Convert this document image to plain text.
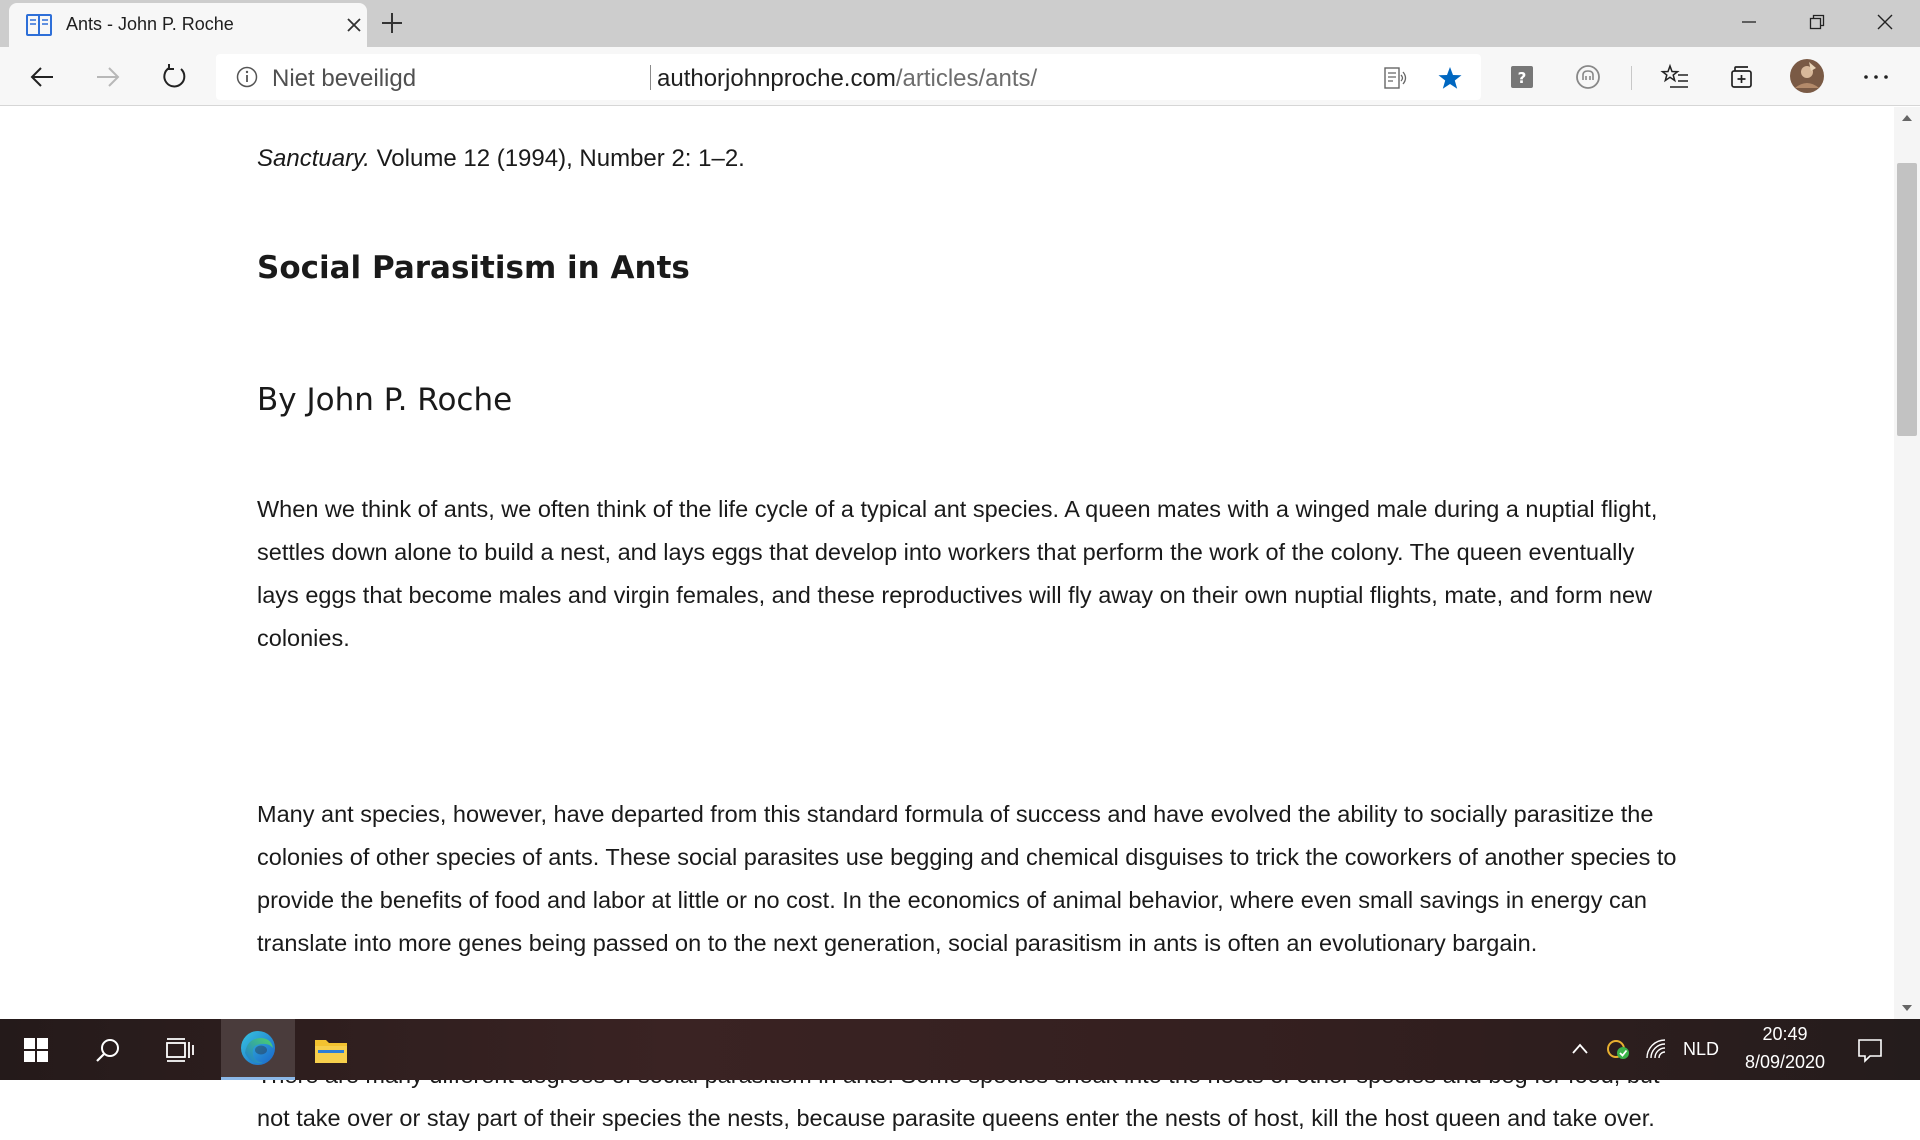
Ants - John P. Roche
Niet beveiligd	authorjohnproche.com/articles/ants/	?
Sanctuary. Volume 12 (1994), Number 2: 1–2.
Social Parasitism in Ants
By John P. Roche

When we think of ants, we often think of the life cycle of a typical ant species. A queen mates with a winged male during a nuptial flight, settles down alone to build a nest, and lays eggs that develop into workers that perform the work of the colony. The queen eventually lays eggs that become males and virgin females, and these reproductives will fly away on their own nuptial flights, mate, and form new colonies.

Many ant species, however, have departed from this standard formula of success and have evolved the ability to socially parasitize the colonies of other species of ants. These social parasites use begging and chemical disguises to trick the coworkers of another species to provide the benefits of food and labor at little or no cost. In the economics of animal behavior, where even small savings in energy can translate into more genes being passed on to the next generation, social parasitism in ants is often an evolutionary bargain.

not take over or stay part of their species the nests, because parasite queens enter the nests of host, kill the host queen and take over.

NLD
20:49
8/09/2020
